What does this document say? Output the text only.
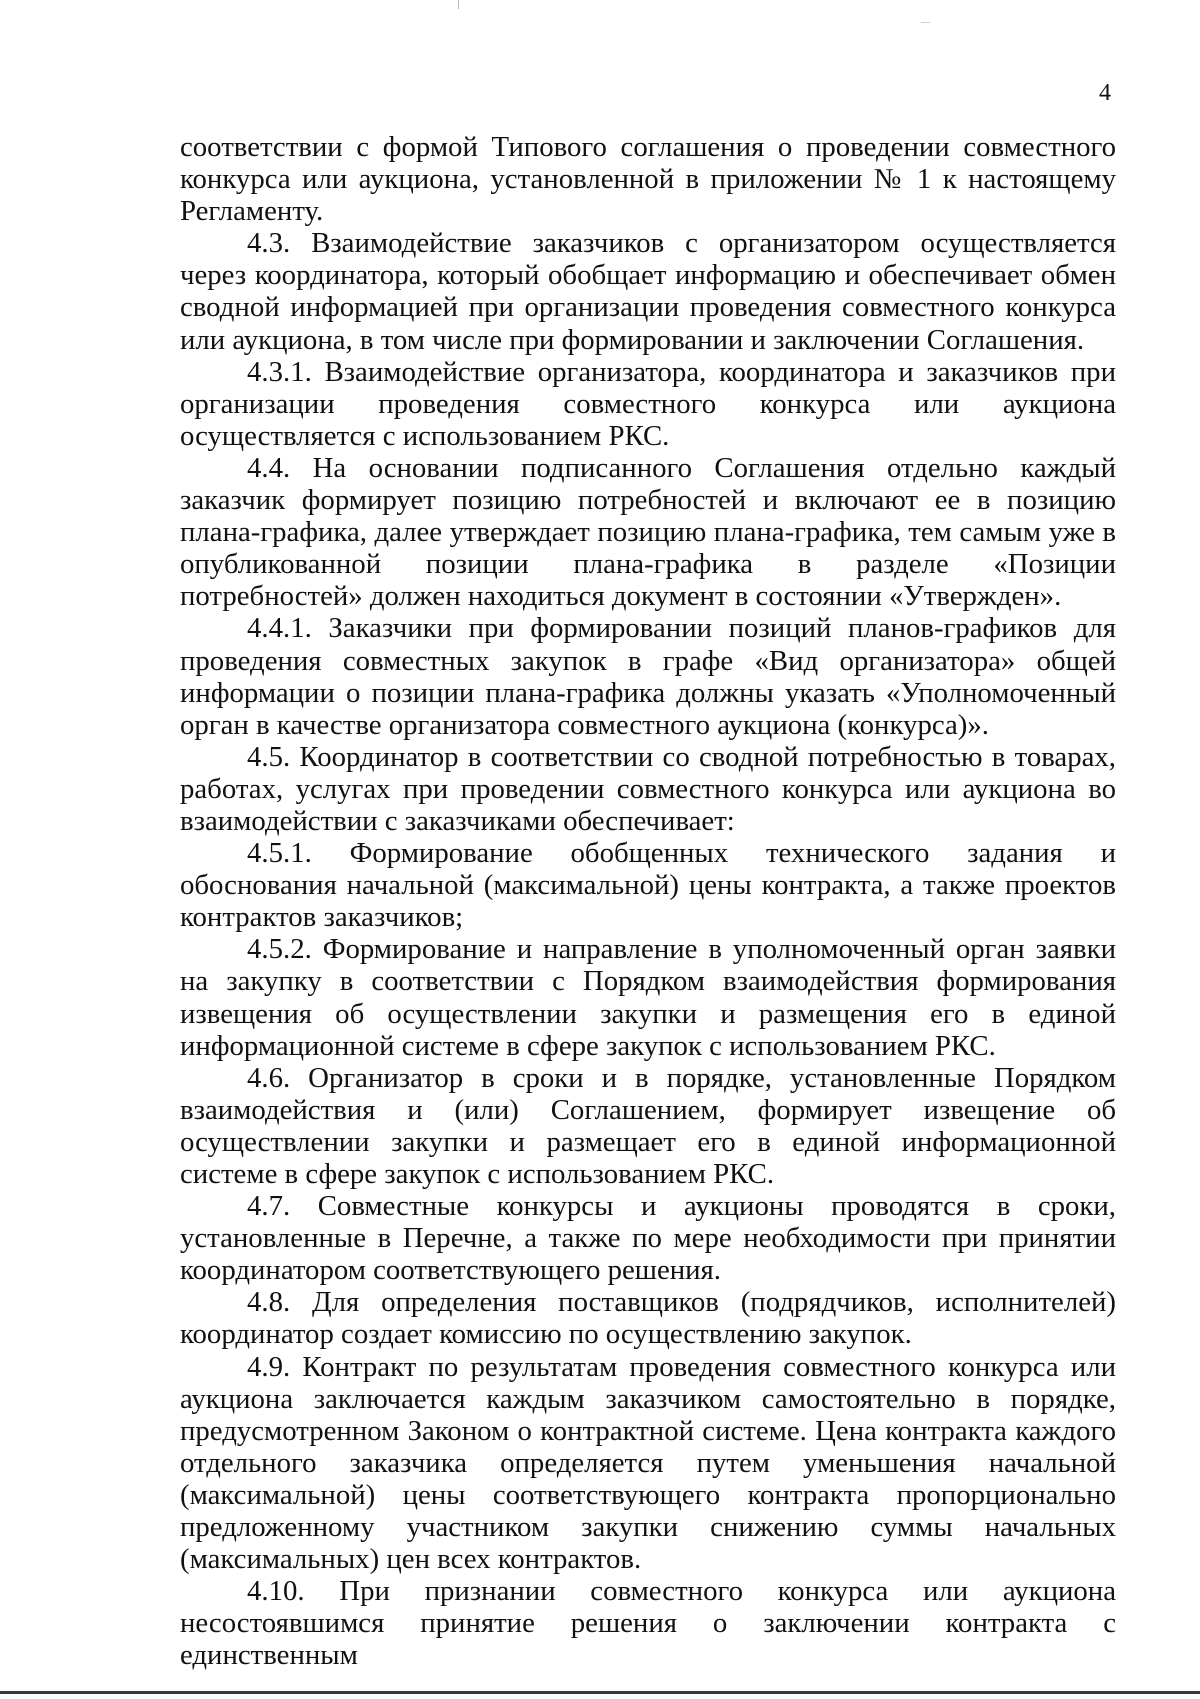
4

соответствии с формой Типового соглашения о проведении совместного конкурса или аукциона, установленной в приложении № 1 к настоящему Регламенту.

4.3. Взаимодействие заказчиков с организатором осуществляется через координатора, который обобщает информацию и обеспечивает обмен сводной информацией при организации проведения совместного конкурса или аукциона, в том числе при формировании и заключении Соглашения.

4.3.1. Взаимодействие организатора, координатора и заказчиков при организации проведения совместного конкурса или аукциона осуществляется с использованием РКС.

4.4. На основании подписанного Соглашения отдельно каждый заказчик формирует позицию потребностей и включают ее в позицию плана-графика, далее утверждает позицию плана-графика, тем самым уже в опубликованной позиции плана-графика в разделе «Позиции потребностей» должен находиться документ в состоянии «Утвержден».

4.4.1. Заказчики при формировании позиций планов-графиков для проведения совместных закупок в графе «Вид организатора» общей информации о позиции плана-графика должны указать «Уполномоченный орган в качестве организатора совместного аукциона (конкурса)».

4.5. Координатор в соответствии со сводной потребностью в товарах, работах, услугах при проведении совместного конкурса или аукциона во взаимодействии с заказчиками обеспечивает:

4.5.1. Формирование обобщенных технического задания и обоснования начальной (максимальной) цены контракта, а также проектов контрактов заказчиков;

4.5.2. Формирование и направление в уполномоченный орган заявки на закупку в соответствии с Порядком взаимодействия формирования извещения об осуществлении закупки и размещения его в единой информационной системе в сфере закупок с использованием РКС.

4.6. Организатор в сроки и в порядке, установленные Порядком взаимодействия и (или) Соглашением, формирует извещение об осуществлении закупки и размещает его в единой информационной системе в сфере закупок с использованием РКС.

4.7. Совместные конкурсы и аукционы проводятся в сроки, установленные в Перечне, а также по мере необходимости при принятии координатором соответствующего решения.

4.8. Для определения поставщиков (подрядчиков, исполнителей) координатор создает комиссию по осуществлению закупок.

4.9. Контракт по результатам проведения совместного конкурса или аукциона заключается каждым заказчиком самостоятельно в порядке, предусмотренном Законом о контрактной системе. Цена контракта каждого отдельного заказчика определяется путем уменьшения начальной (максимальной) цены соответствующего контракта пропорционально предложенному участником закупки снижению суммы начальных (максимальных) цен всех контрактов.

4.10. При признании совместного конкурса или аукциона несостоявшимся принятие решения о заключении контракта с единственным
